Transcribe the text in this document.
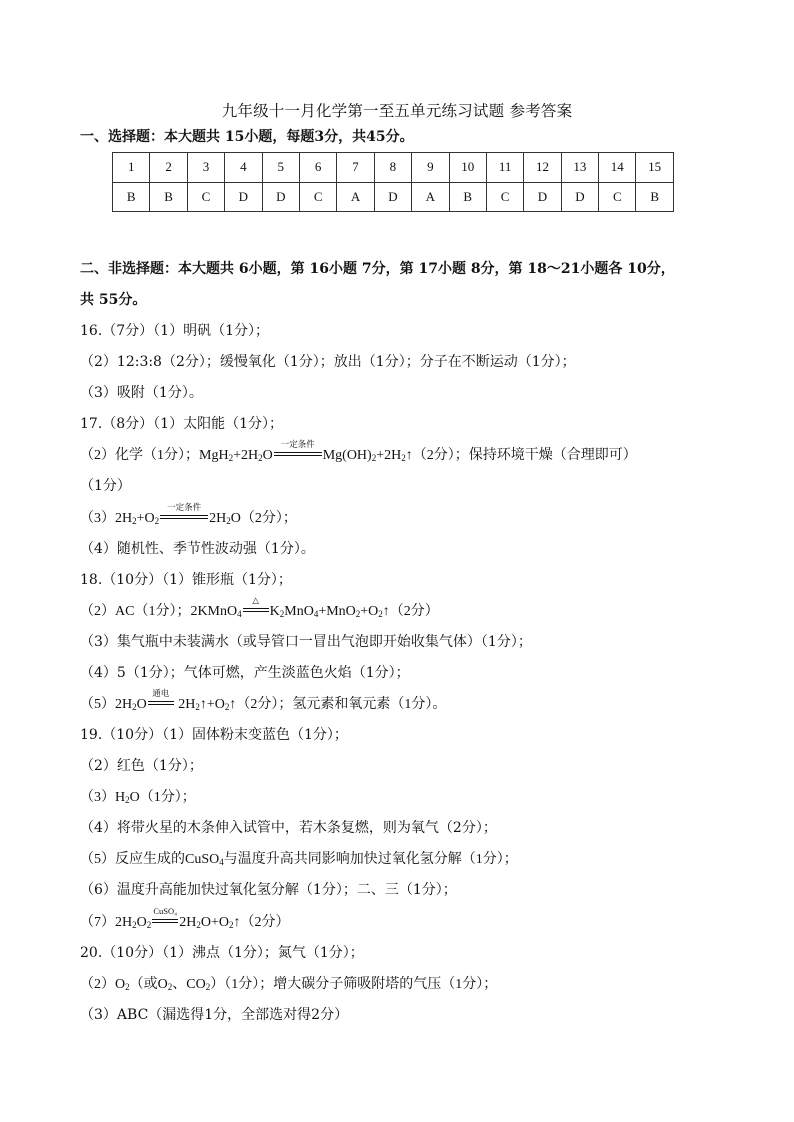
九年级十一月化学第一至五单元练习试题 参考答案
一、选择题：本大题共 15小题，每题3分，共45分。
1	2	3	4	5	6	7	8	9	10	11	12	13	14	15
B	B	C	D	D	C	A	D	A	B	C	D	D	C	B
二、非选择题：本大题共 6小题，第 16小题 7分，第 17小题 8分，第 18～21小题各 10分，
共 55分。
16.（7分）（1）明矾（1分）；
（2）12:3:8（2分）；缓慢氧化（1分）；放出（1分）；分子在不断运动（1分）；
（3）吸附（1分）。
17.（8分）（1）太阳能（1分）；
（2）化学（1分）；$MgH_2+2H_2O$
一定条件
$Mg(OH)_2+2H_2↑(2$分）；保持环境干燥（合理即可）
（1分）
$(3)2H_2+O_2$
一定条件
$2H_2O(2$分）；
（4）随机性、季节性波动强（1分）。
18.（10分）（1）锥形瓶（1分）；
（2）AC（1分）；2KMnO$_4$
△
$K_2MnO_4+MnO_2+O_2↑(2$分）
（3）集气瓶中未装满水（或导管口一冒出气泡即开始收集气体）（1分）；
（4）5（1分）；气体可燃，产生淡蓝色火焰（1分）；
$(5)2H_2O$
通电
$2H_2↑+O_2↑(2$分）；氢元素和氧元素（1分）。
19.（10分）（1）固体粉末变蓝色（1分）；
（2）红色（1分）；
$(3)H_2O(1$分）；
（4）将带火星的木条伸入试管中，若木条复燃，则为氧气（2分）；
（5）反应生成的CuSO$_4$与温度升高共同影响加快过氧化氢分解（1分）；
（6）温度升高能加快过氧化氢分解（1分）；二、三（1分）；
$(7)2H_2O_2$
CuSO₄
$2H_2O+O_2↑(2$分）
20.（10分）（1）沸点（1分）；氮气（1分）；
$(2)O_2$（或$O_2$、$CO_2)(1$分）；增大碳分子筛吸附塔的气压（1分）；
（3）ABC（漏选得1分，全部选对得2分）
